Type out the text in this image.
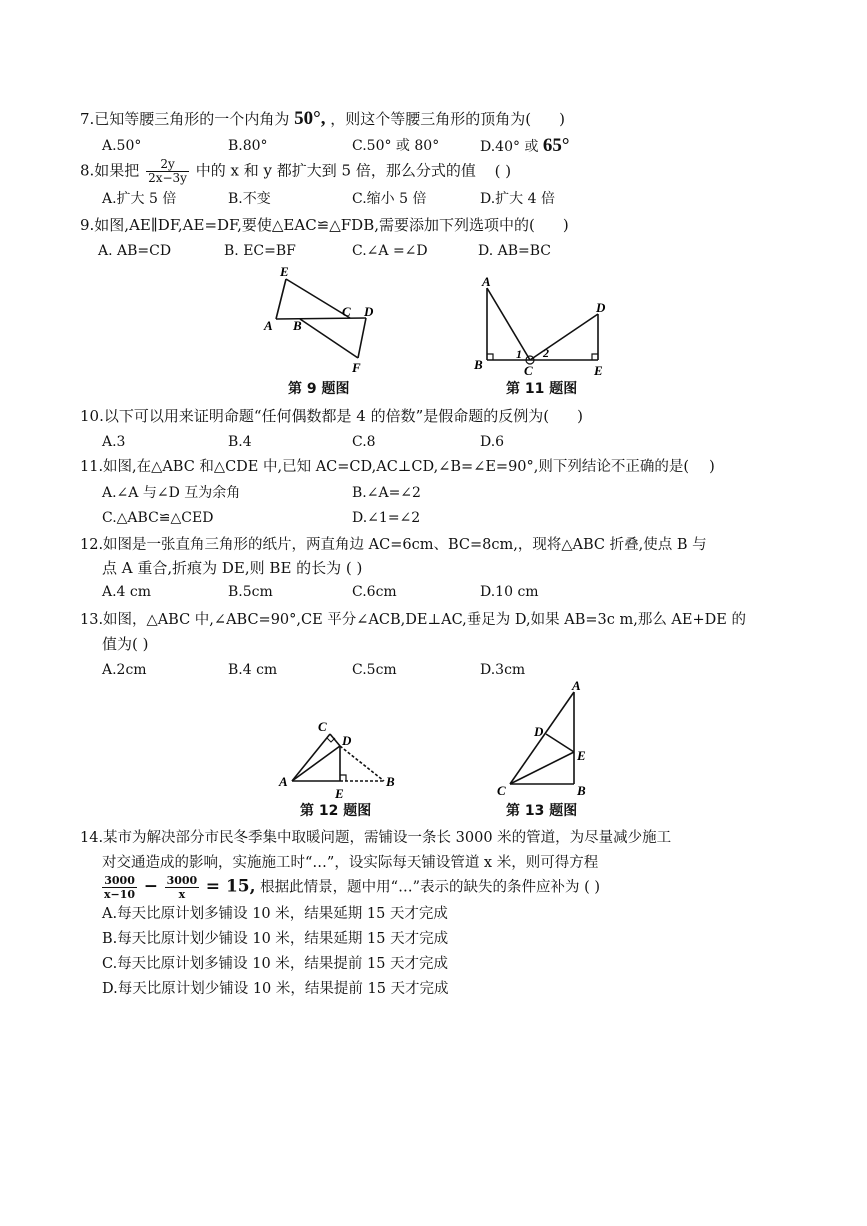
7.已知等腰三角形的一个内角为 50°, ，则这个等腰三角形的顶角为( )
A.50°	B.80°	C.50° 或 80°	D.40° 或 65°
8.如果把 $\frac{2y}{2x-3y}$ 中的 x 和 y 都扩大到 5 倍，那么分式的值 ( )
A.扩大 5 倍	B.不变	C.缩小 5 倍	D.扩大 4 倍
9.如图,AE∥DF,AE=DF,要使△EAC≌△FDB,需要添加下列选项中的( )
A. AB=CD	B. EC=BF	C.∠A =∠D	D. AB=BC
E
A B
C D
F
第 9 题图
A
D
B
1 2
C	E
第 11 题图
10.以下可以用来证明命题“任何偶数都是 4 的倍数”是假命题的反例为( )
A.3	B.4	C.8	D.6
11.如图,在△ABC 和△CDE 中,已知 AC=CD,AC⊥CD,∠B=∠E=90°,则下列结论不正确的是( )
A.∠A 与∠D 互为余角	B.∠A=∠2
C.△ABC≌△CED	D.∠1=∠2
12.如图是一张直角三角形的纸片，两直角边 AC=6cm、BC=8cm,，现将△ABC 折叠,使点 B 与
点 A 重合,折痕为 DE,则 BE 的长为 ( )
A.4 cm	B.5cm	C.6cm	D.10 cm
13.如图，△ABC 中,∠ABC=90°,CE 平分∠ACB,DE⊥AC,垂足为 D,如果 AB=3c m,那么 AE+DE 的
值为( )
A.2cm	B.4 cm	C.5cm	D.3cm
C
D
A
E
B
第 12 题图
A
D
E
C	B
第 13 题图
14.某市为解决部分市民冬季集中取暖问题，需铺设一条长 3000 米的管道，为尽量减少施工
对交通造成的影响，实施施工时“…”，设实际每天铺设管道 x 米，则可得方程
$\frac{3000}{x-10} - \frac{3000}{x} = 15$, 根据此情景，题中用“…”表示的缺失的条件应补为 ( )
A.每天比原计划多铺设 10 米，结果延期 15 天才完成
B.每天比原计划少铺设 10 米，结果延期 15 天才完成
C.每天比原计划多铺设 10 米，结果提前 15 天才完成
D.每天比原计划少铺设 10 米，结果提前 15 天才完成
